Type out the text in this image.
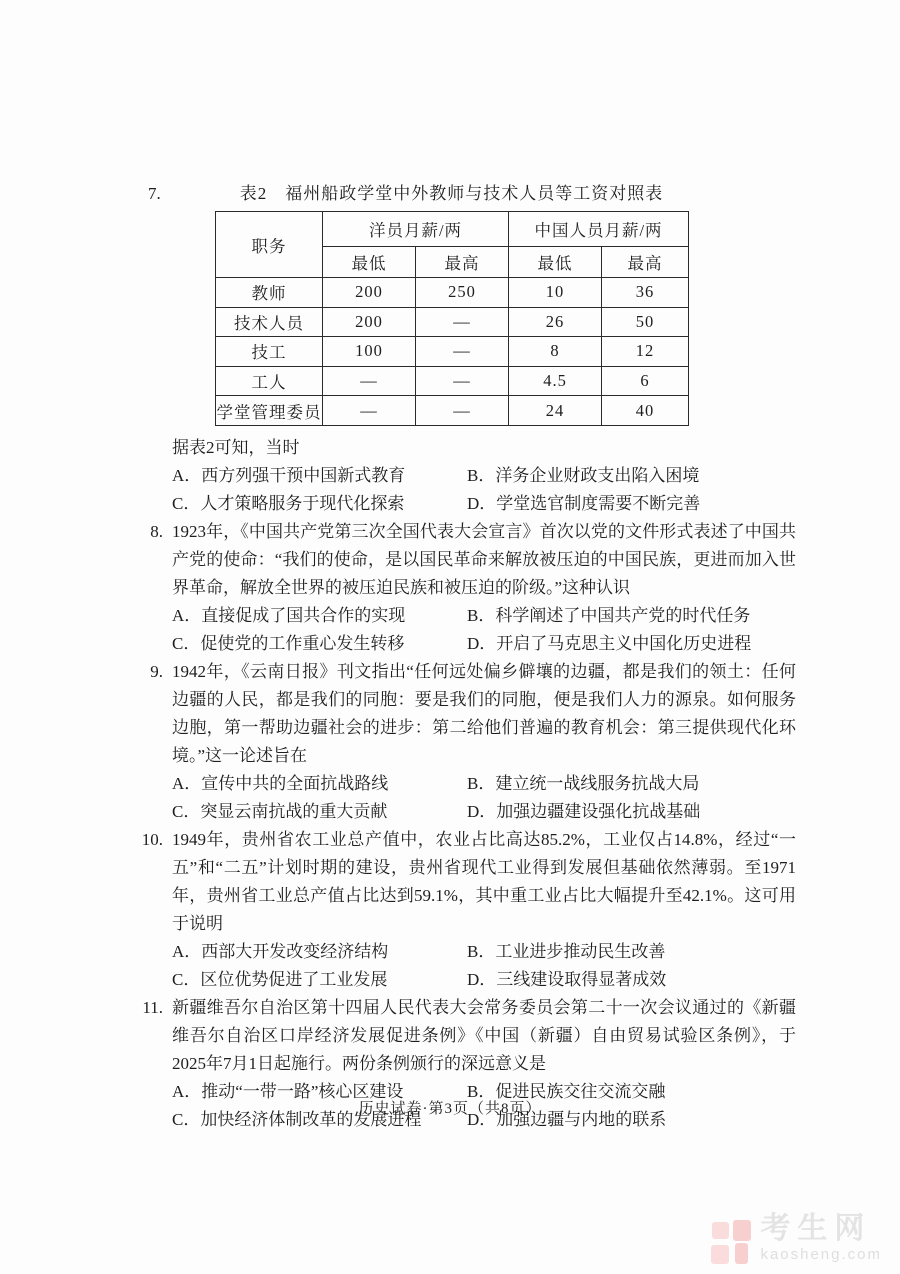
7.	表2　福州船政学堂中外教师与技术人员等工资对照表
职务	洋员月薪/两		中国人员月薪/两	
	最低	最高	最低	最高
教师	200	250	10	36
技术人员	200	—	26	50
技工	100	—	8	12
工人	—	—	4.5	6
学堂管理委员	—	—	24	40

据表2可知，当时

A．西方列强干预中国新式教育	B．洋务企业财政支出陷入困境
C．人才策略服务于现代化探索	D．学堂选官制度需要不断完善
8. 1923年，《中国共产党第三次全国代表大会宣言》首次以党的文件形式表述了中国共产党的使命：“我们的使命，是以国民革命来解放被压迫的中国民族，更进而加入世界革命，解放全世界的被压迫民族和被压迫的阶级。”这种认识

A．直接促成了国共合作的实现	B．科学阐述了中国共产党的时代任务
C．促使党的工作重心发生转移	D．开启了马克思主义中国化历史进程
9. 1942年，《云南日报》刊文指出“任何远处偏乡僻壤的边疆，都是我们的领土：任何边疆的人民，都是我们的同胞：要是我们的同胞，便是我们人力的源泉。如何服务边胞，第一帮助边疆社会的进步：第二给他们普遍的教育机会：第三提供现代化环境。”这一论述旨在

A．宣传中共的全面抗战路线	B．建立统一战线服务抗战大局
C．突显云南抗战的重大贡献	D．加强边疆建设强化抗战基础
10. 1949年，贵州省农工业总产值中，农业占比高达85.2%，工业仅占14.8%，经过“一五”和“二五”计划时期的建设，贵州省现代工业得到发展但基础依然薄弱。至1971年，贵州省工业总产值占比达到59.1%，其中重工业占比大幅提升至42.1%。这可用于说明

A．西部大开发改变经济结构	B．工业进步推动民生改善
C．区位优势促进了工业发展	D．三线建设取得显著成效
11. 新疆维吾尔自治区第十四届人民代表大会常务委员会第二十一次会议通过的《新疆维吾尔自治区口岸经济发展促进条例》《中国（新疆）自由贸易试验区条例》，于2025年7月1日起施行。两份条例颁行的深远意义是

A．推动“一带一路”核心区建设	B．促进民族交往交流交融
C．加快经济体制改革的发展进程	D．加强边疆与内地的联系
历史试卷·第3页（共8页）
考生网
kaosheng.com
